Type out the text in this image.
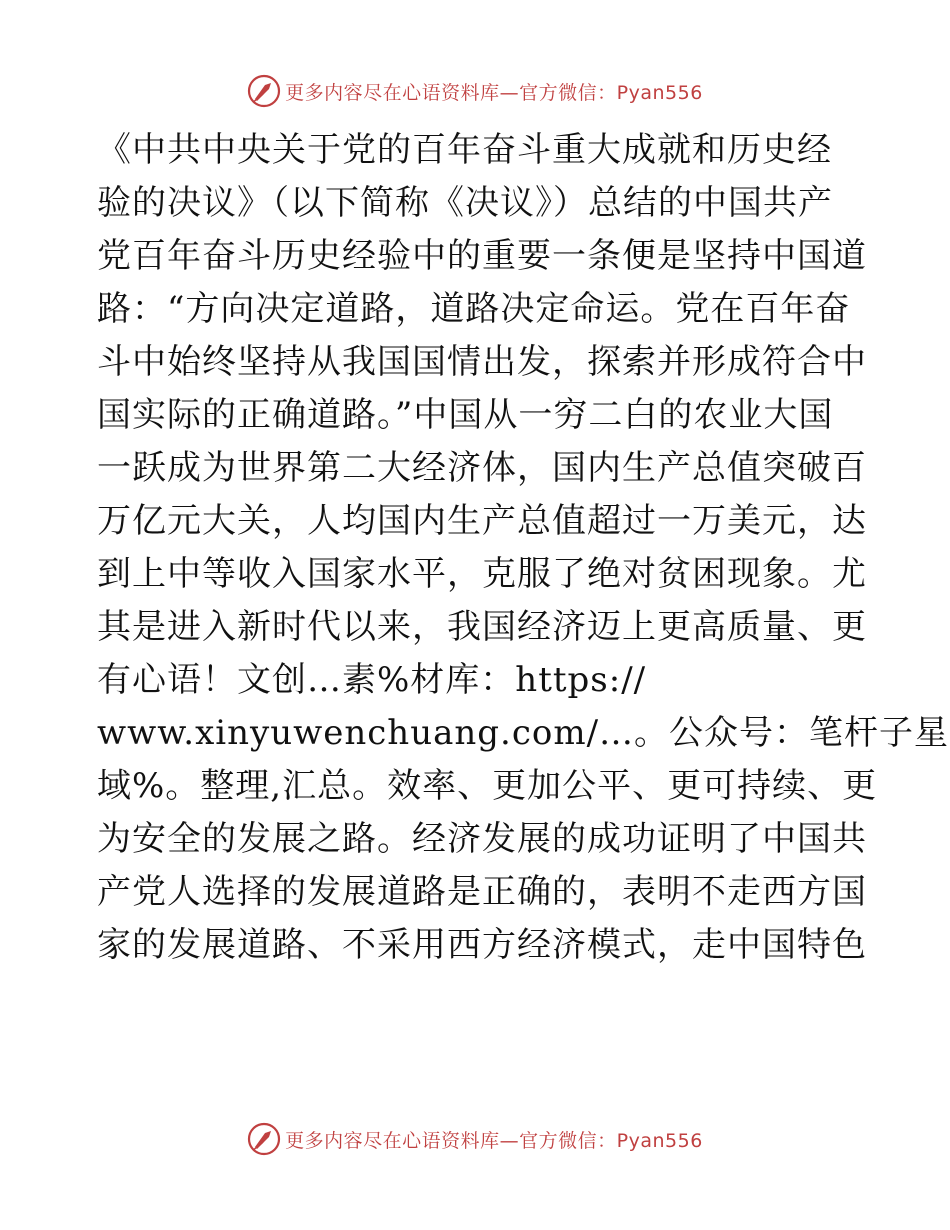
更多内容尽在心语资料库—官方微信：Pyan556
《中共中央关于党的百年奋斗重大成就和历史经
验的决议》（以下简称《决议》）总结的中国共产
党百年奋斗历史经验中的重要一条便是坚持中国道
路：“方向决定道路，道路决定命运。党在百年奋
斗中始终坚持从我国国情出发，探索并形成符合中
国实际的正确道路。”中国从一穷二白的农业大国
一跃成为世界第二大经济体，国内生产总值突破百
万亿元大关，人均国内生产总值超过一万美元，达
到上中等收入国家水平，克服了绝对贫困现象。尤
其是进入新时代以来，我国经济迈上更高质量、更
有心语！文创…素%材库：https://
www.xinyuwenchuang.com/…。公众号：笔杆子星
域%。整理,汇总。效率、更加公平、更可持续、更
为安全的发展之路。经济发展的成功证明了中国共
产党人选择的发展道路是正确的，表明不走西方国
家的发展道路、不采用西方经济模式，走中国特色
更多内容尽在心语资料库—官方微信：Pyan556
